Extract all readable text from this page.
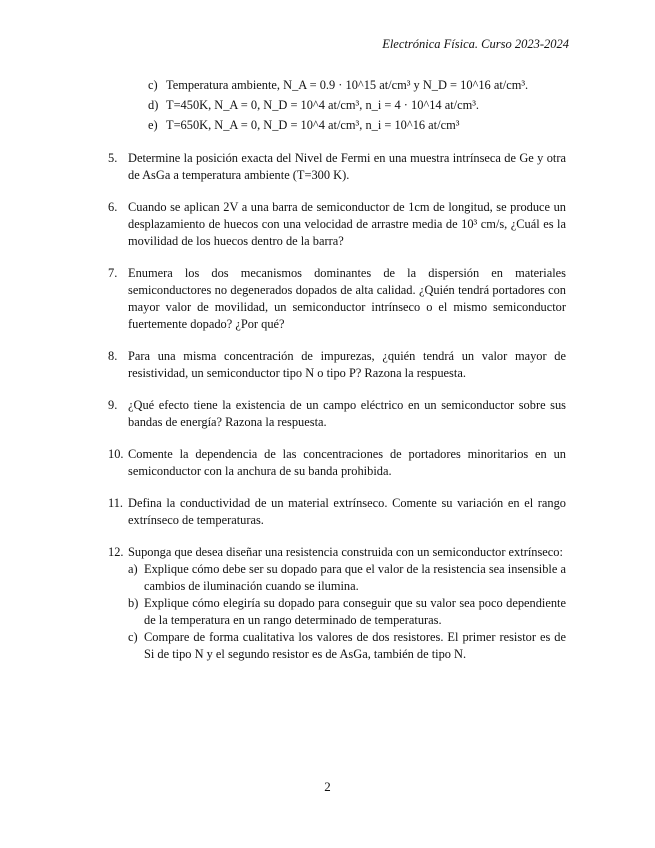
Electrónica Física. Curso 2023-2024
c) Temperatura ambiente, N_A = 0.9 · 10^15 at/cm³ y N_D = 10^16 at/cm³.
d) T=450K, N_A = 0, N_D = 10^4 at/cm³, n_i = 4 · 10^14 at/cm³.
e) T=650K, N_A = 0, N_D = 10^4 at/cm³, n_i = 10^16 at/cm³
5. Determine la posición exacta del Nivel de Fermi en una muestra intrínseca de Ge y otra de AsGa a temperatura ambiente (T=300 K).
6. Cuando se aplican 2V a una barra de semiconductor de 1cm de longitud, se produce un desplazamiento de huecos con una velocidad de arrastre media de 10³ cm/s, ¿Cuál es la movilidad de los huecos dentro de la barra?
7. Enumera los dos mecanismos dominantes de la dispersión en materiales semiconductores no degenerados dopados de alta calidad. ¿Quién tendrá portadores con mayor valor de movilidad, un semiconductor intrínseco o el mismo semiconductor fuertemente dopado? ¿Por qué?
8. Para una misma concentración de impurezas, ¿quién tendrá un valor mayor de resistividad, un semiconductor tipo N o tipo P? Razona la respuesta.
9. ¿Qué efecto tiene la existencia de un campo eléctrico en un semiconductor sobre sus bandas de energía? Razona la respuesta.
10. Comente la dependencia de las concentraciones de portadores minoritarios en un semiconductor con la anchura de su banda prohibida.
11. Defina la conductividad de un material extrínseco. Comente su variación en el rango extrínseco de temperaturas.
12. Suponga que desea diseñar una resistencia construida con un semiconductor extrínseco:
a) Explique cómo debe ser su dopado para que el valor de la resistencia sea insensible a cambios de iluminación cuando se ilumina.
b) Explique cómo elegiría su dopado para conseguir que su valor sea poco dependiente de la temperatura en un rango determinado de temperaturas.
c) Compare de forma cualitativa los valores de dos resistores. El primer resistor es de Si de tipo N y el segundo resistor es de AsGa, también de tipo N.
2
